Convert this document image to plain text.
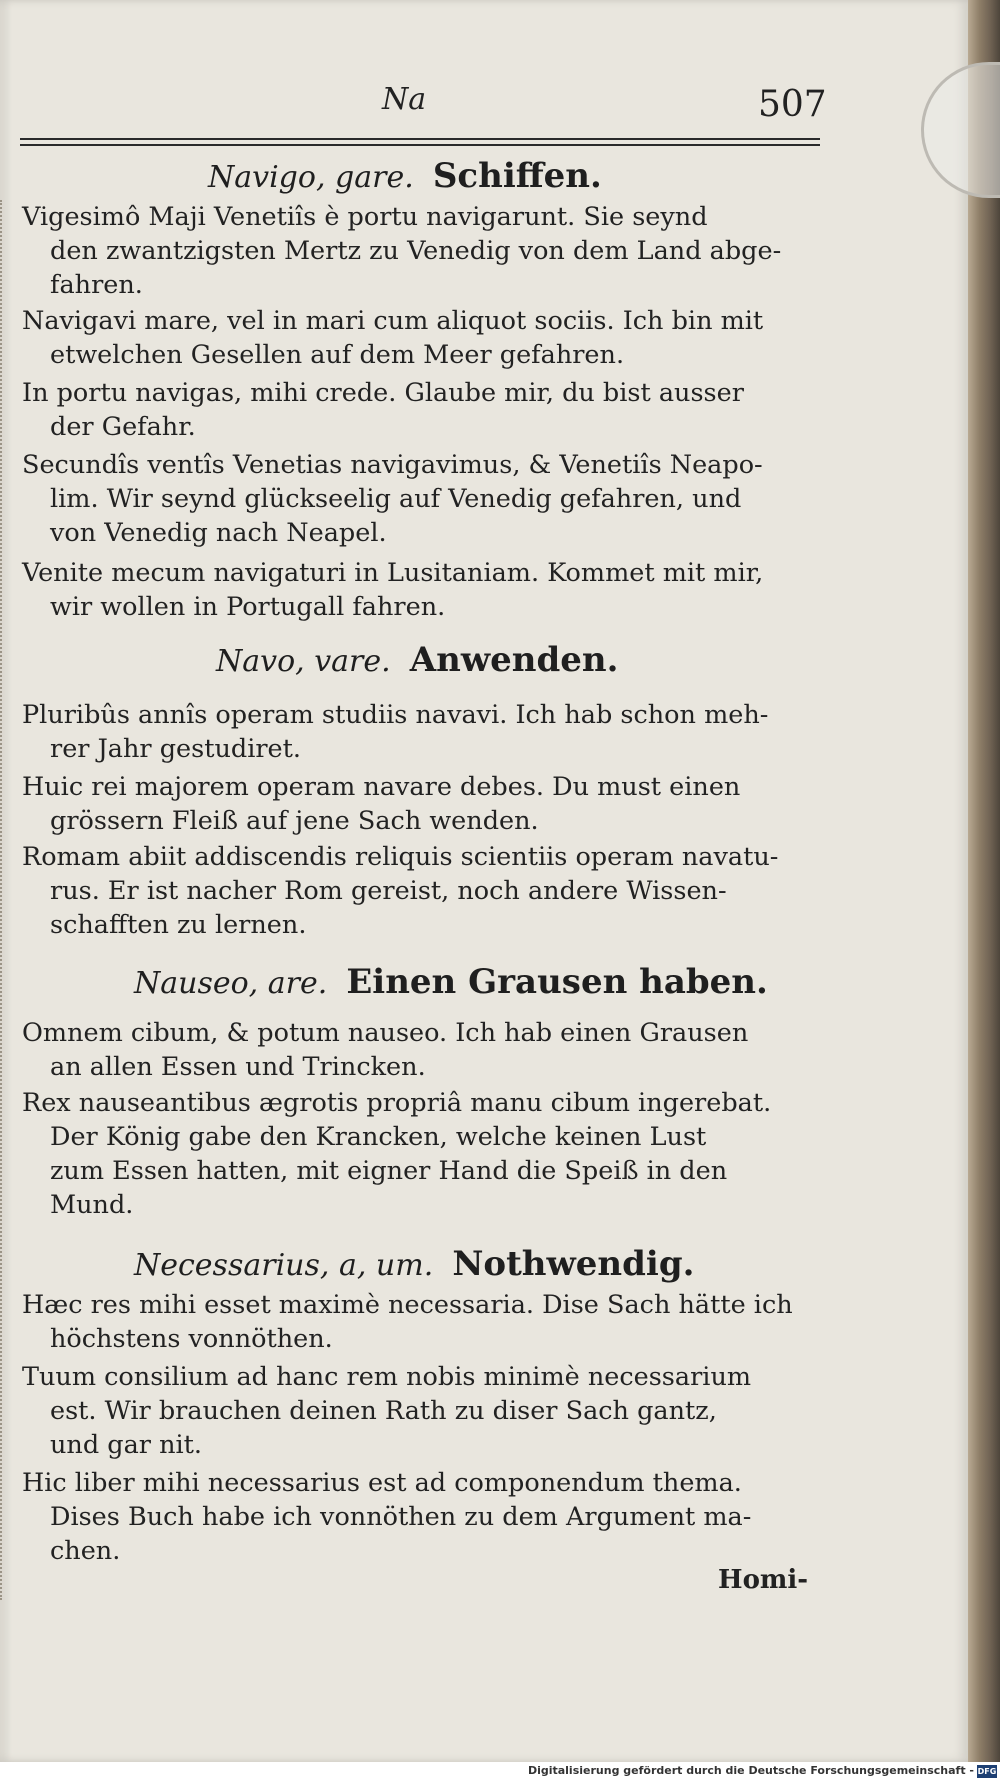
Na	507
Navigo, gare. Schiffen.
Vigesimô Maji Venetiîs è portu navigarunt. Sie seynd
den zwantzigsten Mertz zu Venedig von dem Land abge-
fahren.
Navigavi mare, vel in mari cum aliquot sociis. Ich bin mit
etwelchen Gesellen auf dem Meer gefahren.
In portu navigas, mihi crede. Glaube mir, du bist ausser
der Gefahr.
Secundîs ventîs Venetias navigavimus, & Venetiîs Neapo-
lim. Wir seynd glückseelig auf Venedig gefahren, und
von Venedig nach Neapel.
Venite mecum navigaturi in Lusitaniam. Kommet mit mir,
wir wollen in Portugall fahren.
Navo, vare. Anwenden.
Pluribûs annîs operam studiis navavi. Ich hab schon meh-
rer Jahr gestudiret.
Huic rei majorem operam navare debes. Du must einen
grössern Fleiß auf jene Sach wenden.
Romam abiit addiscendis reliquis scientiis operam navatu-
rus. Er ist nacher Rom gereist, noch andere Wissen-
schafften zu lernen.
Nauseo, are. Einen Grausen haben.
Omnem cibum, & potum nauseo. Ich hab einen Grausen
an allen Essen und Trincken.
Rex nauseantibus ægrotis propriâ manu cibum ingerebat.
Der König gabe den Krancken, welche keinen Lust
zum Essen hatten, mit eigner Hand die Speiß in den
Mund.
Necessarius, a, um. Nothwendig.
Hæc res mihi esset maximè necessaria. Dise Sach hätte ich
höchstens vonnöthen.
Tuum consilium ad hanc rem nobis minimè necessarium
est. Wir brauchen deinen Rath zu diser Sach gantz,
und gar nit.
Hic liber mihi necessarius est ad componendum thema.
Dises Buch habe ich vonnöthen zu dem Argument ma-
chen.
Homi-
Digitalisierung gefördert durch die Deutsche Forschungsgemeinschaft - DFG
